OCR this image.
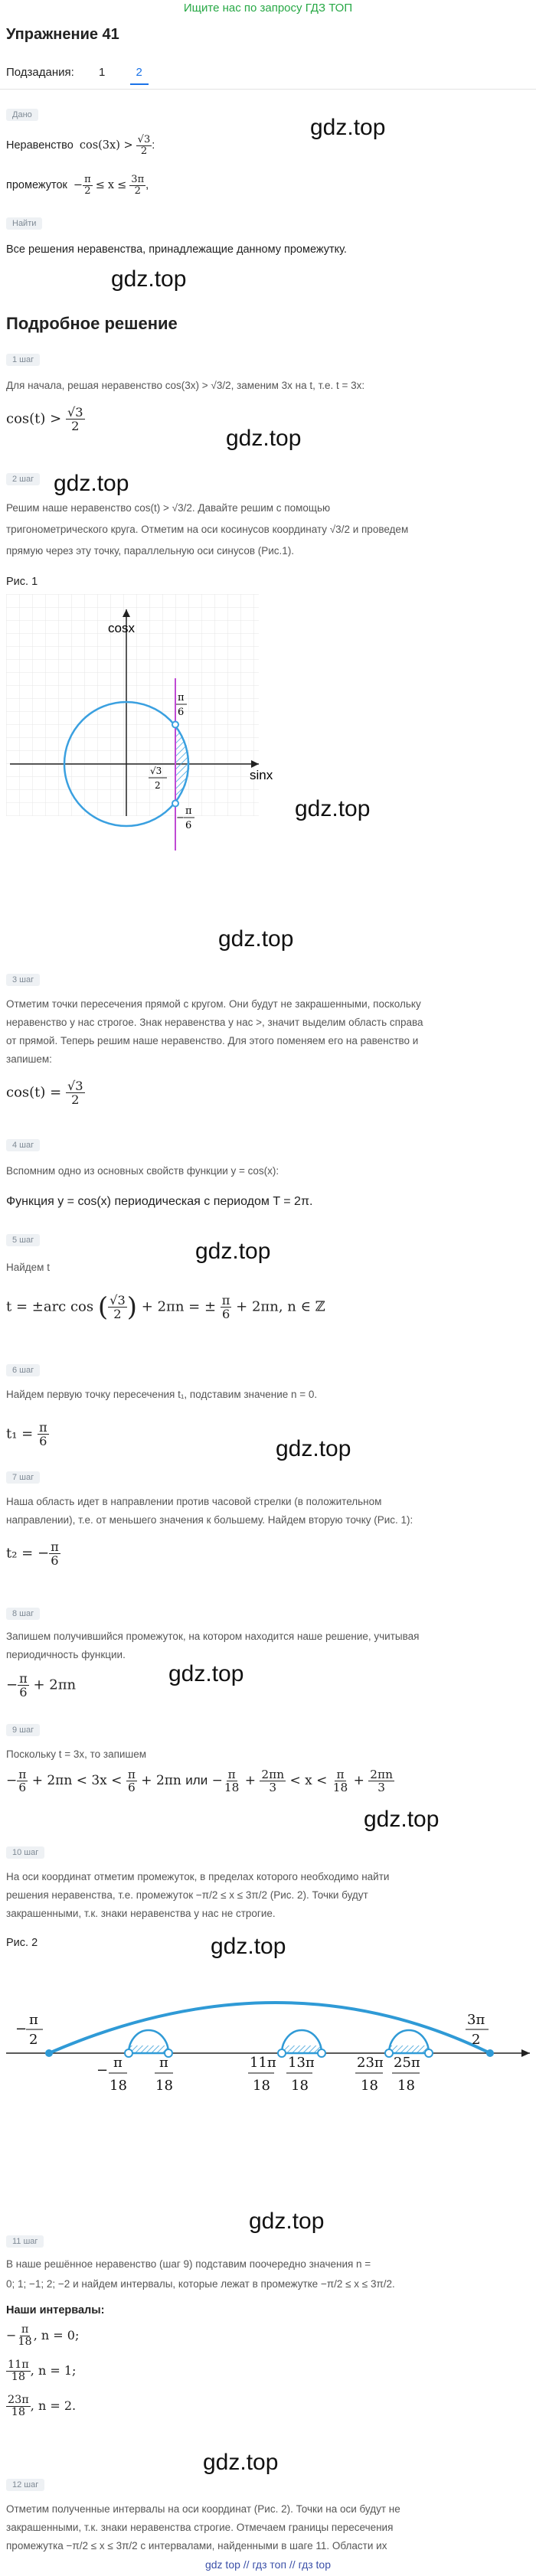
Ищите нас по запросу ГДЗ ТОП
Упражнение 41
Подзадания: 1	2
Дано	gdz.top
Неравенство $\cos(3x) > \frac{√3}{2}$ :
промежуток − $\frac{\pi}{2} \le x \le \frac{3\pi}{2}$ ,
Найти
Все решения неравенства, принадлежащие данному промежутку.
gdz.top
Подробное решение
1 шаг
Для начала, решая неравенство cos(3x) > √3/2, заменим 3x на t, т.е. t = 3x:
$\cos(t) > \frac{√3}{2}$
gdz.top
2 шаг gdz.top
Решим наше неравенство cos(t) > √3/2. Давайте решим с помощью
тригонометрического круга. Отметим на оси косинусов координату √3/2 и проведем
прямую через эту точку, параллельную оси синусов (Рис.1).
Рис. 1
cosx
sinx
π
6
√3
2
−
π
6
gdz.top
gdz.top
3 шаг
Отметим точки пересечения прямой с кругом. Они будут не закрашенными, поскольку
неравенство у нас строгое. Знак неравенства у нас >, значит выделим область справа
от прямой. Теперь решим наше неравенство. Для этого поменяем его на равенство и
запишем:
$\cos(t) = \frac{√3}{2}$
4 шаг
Вспомним одно из основных свойств функции y = cos(x):
Функция y = cos(x) периодическая с периодом T = 2π.
5 шаг
Найдем t
gdz.top
t = ±arc cos ( $\frac{√3}{2}$ ) + 2πn = ± $\frac{\pi}{6} + 2\pi n$, n ∈ ℤ
6 шаг
Найдем первую точку пересечения t₁, подставим значение n = 0.
gdz.top
$t_1 = \frac{\pi}{6}$
7 шаг
Наша область идет в направлении против часовой стрелки (в положительном
направлении), т.е. от меньшего значения к большему. Найдем вторую точку (Рис. 1):
t₂ = − $\frac{\pi}{6}$
8 шаг
Запишем получившийся промежуток, на котором находится наше решение, учитывая
периодичность функции.
gdz.top
− $\frac{\pi}{6} + 2\pi n$
9 шаг
Поскольку t = 3x, то запишем
− $\frac{\pi}{6} + 2\pi n < 3x < \frac{\pi}{6} + 2\pi n$ или − $\frac{\pi}{18} + \frac{2\pi n}{3} < x < \frac{\pi}{18} + \frac{2\pi n}{3}$
gdz.top
10 шаг
На оси координат отметим промежуток, в пределах которого необходимо найти
решения неравенства, т.е. промежуток −π/2 ≤ x ≤ 3π/2 (Рис. 2). Точки будут
закрашенными, т.к. знаки неравенства у нас не строгие.
Рис. 2	gdz.top
−
π
2
3π
2
− π
18
π
18
11π
18
13π
18
23π
18
25π
18
gdz.top
11 шаг
В наше решённое неравенство (шаг 9) подставим поочередно значения n =
0; 1; −1; 2; −2 и найдем интервалы, которые лежат в промежутке −π/2 ≤ x ≤ 3π/2.
Наши интервалы:
− $\frac{\pi}{18}$ , n = 0;
$\frac{11\pi}{18}$ , n = 1;
$\frac{23\pi}{18}$ , n = 2.
gdz.top
12 шаг
Отметим полученные интервалы на оси координат (Рис. 2). Точки на оси будут не
закрашенными, т.к. знаки неравенства строгие. Отмечаем границы пересечения
промежутка −π/2 ≤ x ≤ 3π/2 с интервалами, найденными в шаге 11. Области их
gdz top // гдз топ // гдз top
